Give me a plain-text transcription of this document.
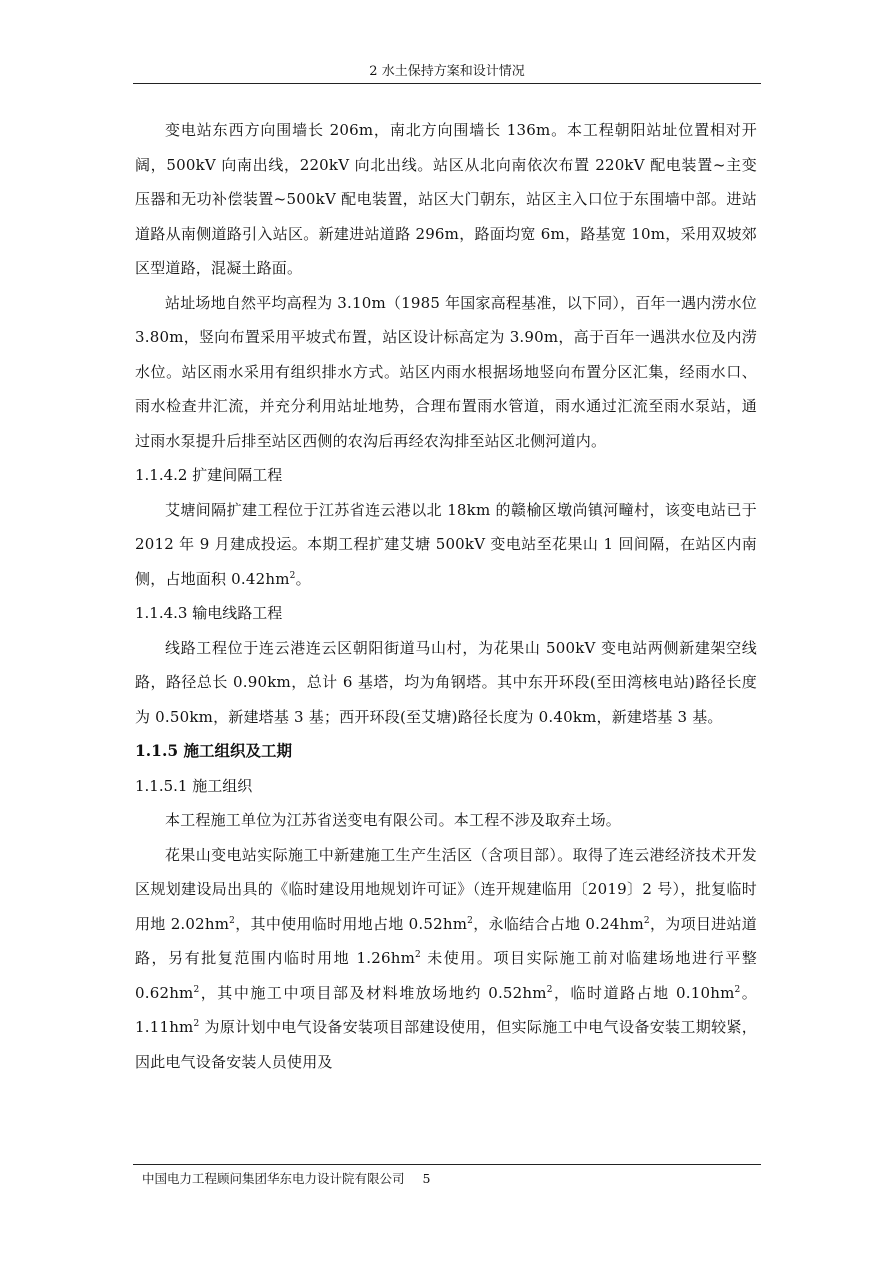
2 水土保持方案和设计情况

变电站东西方向围墙长 206m，南北方向围墙长 136m。本工程朝阳站址位置相对开阔，500kV 向南出线，220kV 向北出线。站区从北向南依次布置 220kV 配电装置~主变压器和无功补偿装置~500kV 配电装置，站区大门朝东，站区主入口位于东围墙中部。进站道路从南侧道路引入站区。新建进站道路 296m，路面均宽 6m，路基宽 10m，采用双坡郊区型道路，混凝土路面。

站址场地自然平均高程为 3.10m（1985 年国家高程基准，以下同），百年一遇内涝水位 3.80m，竖向布置采用平坡式布置，站区设计标高定为 3.90m，高于百年一遇洪水位及内涝水位。站区雨水采用有组织排水方式。站区内雨水根据场地竖向布置分区汇集，经雨水口、雨水检查井汇流，并充分利用站址地势，合理布置雨水管道，雨水通过汇流至雨水泵站，通过雨水泵提升后排至站区西侧的农沟后再经农沟排至站区北侧河道内。

1.1.4.2 扩建间隔工程

艾塘间隔扩建工程位于江苏省连云港以北 18km 的赣榆区墩尚镇河疃村，该变电站已于 2012 年 9 月建成投运。本期工程扩建艾塘 500kV 变电站至花果山 1 回间隔，在站区内南侧，占地面积 $0.42hm^2$。

1.1.4.3 输电线路工程

线路工程位于连云港连云区朝阳街道马山村，为花果山 500kV 变电站两侧新建架空线路，路径总长 0.90km，总计 6 基塔，均为角钢塔。其中东开环段(至田湾核电站)路径长度为 0.50km，新建塔基 3 基；西开环段(至艾塘)路径长度为 0.40km，新建塔基 3 基。

1.1.5 施工组织及工期

1.1.5.1 施工组织

本工程施工单位为江苏省送变电有限公司。本工程不涉及取弃土场。

花果山变电站实际施工中新建施工生产生活区（含项目部）。取得了连云港经济技术开发区规划建设局出具的《临时建设用地规划许可证》（连开规建临用〔2019〕2 号），批复临时用地 $2.02hm^2$，其中使用临时用地占地 $0.52hm^2$，永临结合占地 $0.24hm^2$，为项目进站道路，另有批复范围内临时用地 $1.26hm^2$ 未使用。项目实际施工前对临建场地进行平整 $0.62hm^2$，其中施工中项目部及材料堆放场地约 $0.52hm^2$，临时道路占地 $0.10hm^2$。$1.11hm^2$ 为原计划中电气设备安装项目部建设使用，但实际施工中电气设备安装工期较紧，因此电气设备安装人员使用及

中国电力工程顾问集团华东电力设计院有限公司 5
